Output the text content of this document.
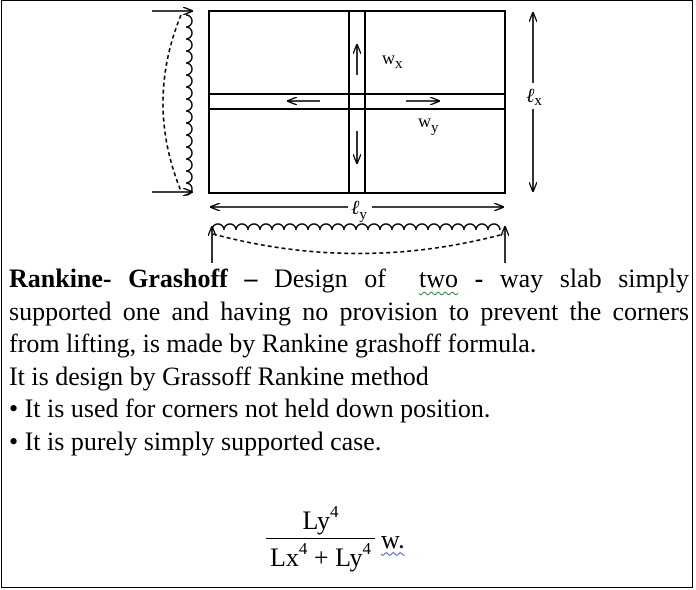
$w_x$
$w_y$
ℓx
ℓ$_y$

Rankine- Grashoff – Design of two - way slab simply supported one and having no provision to prevent the corners from lifting, is made by Rankine grashoff formula.

It is design by Grassoff Rankine method

• It is used for corners not held down position.

• It is purely simply supported case.

$\frac{Ly^4}{Lx^4 + Ly^4} w$.
